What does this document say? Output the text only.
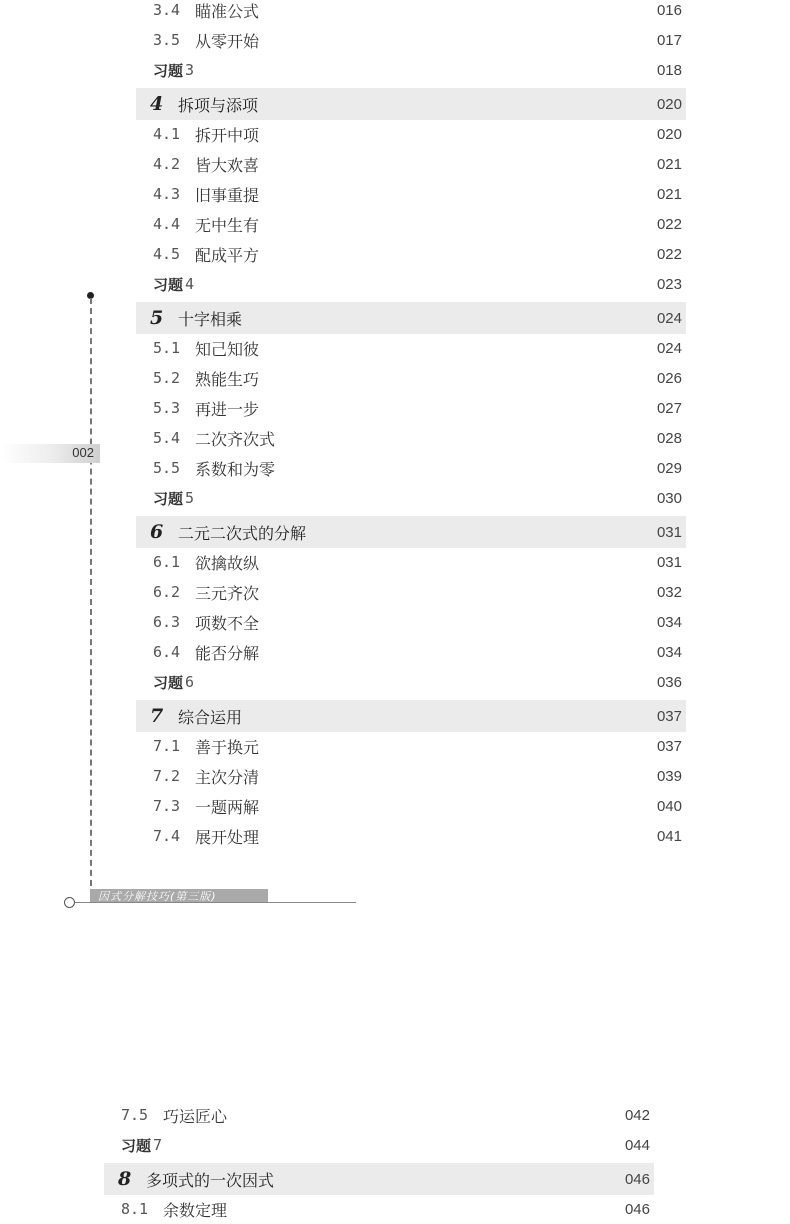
3.4 瞄准公式	016
3.5 从零开始	017
习题 3	018
4 拆项与添项	020
4.1 拆开中项	020
4.2 皆大欢喜	021
4.3 旧事重提	021
4.4 无中生有	022
4.5 配成平方	022
习题 4	023
5 十字相乘	024
5.1 知己知彼	024
5.2 熟能生巧	026
5.3 再进一步	027
5.4 二次齐次式	028
5.5 系数和为零	029
习题 5	030
6 二元二次式的分解	031
6.1 欲擒故纵	031
6.2 三元齐次	032
6.3 项数不全	034
6.4 能否分解	034
习题 6	036
7 综合运用	037
7.1 善于换元	037
7.2 主次分清	039
7.3 一题两解	040
7.4 展开处理	041
7.5 巧运匠心	042
习题 7	044
8 多项式的一次因式	046
8.1 余数定理	046
002
因式分解技巧(第三版)
